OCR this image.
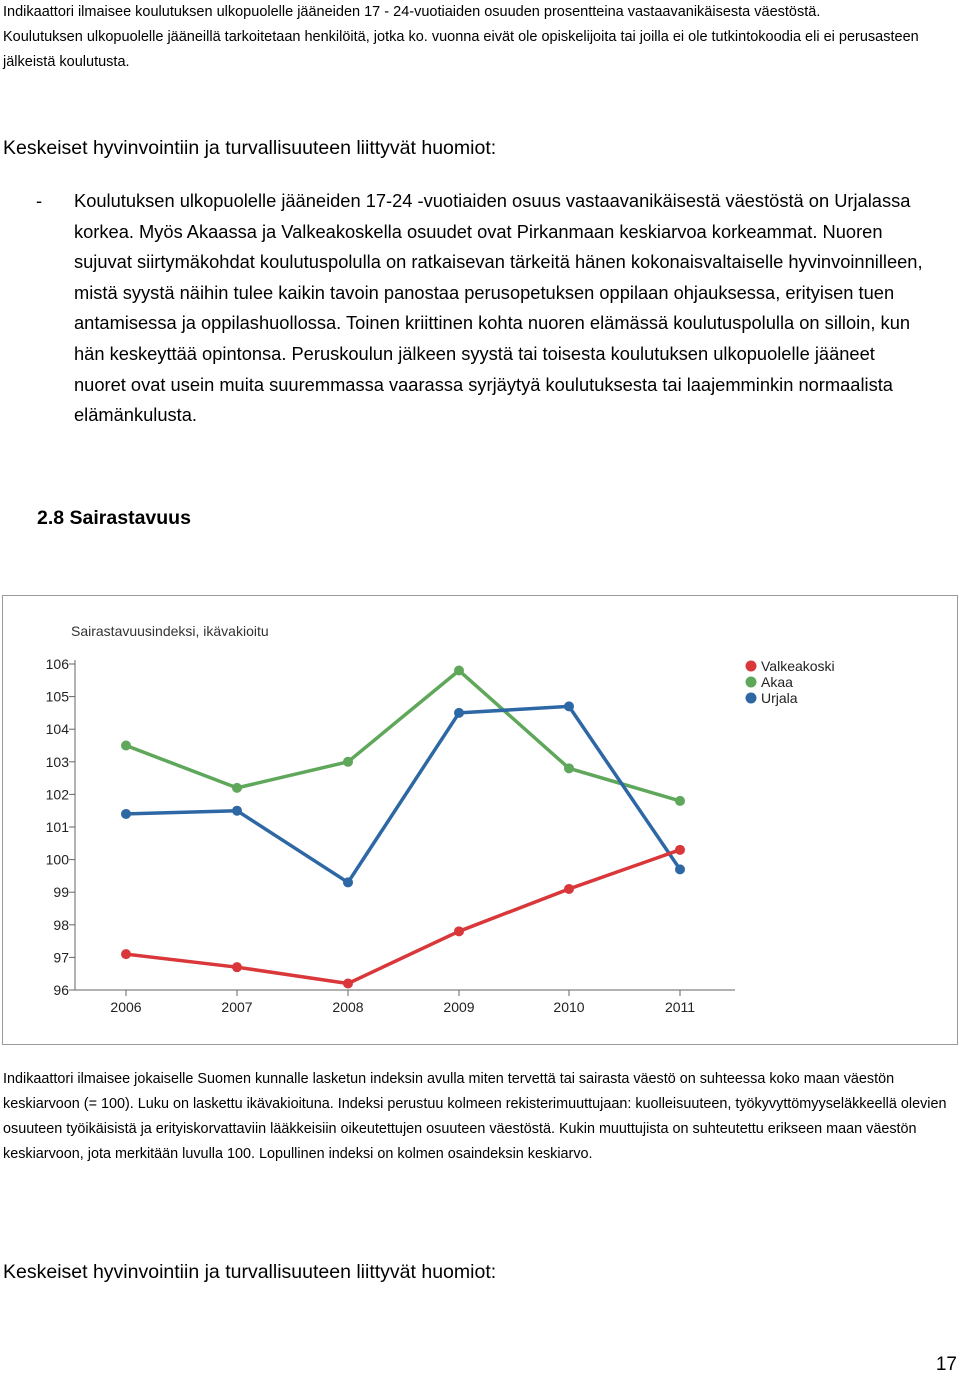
Indikaattori ilmaisee koulutuksen ulkopuolelle jääneiden 17 - 24-vuotiaiden osuuden prosentteina vastaavanikäisesta väestöstä.

Koulutuksen ulkopuolelle jääneillä tarkoitetaan henkilöitä, jotka ko. vuonna eivät ole opiskelijoita tai joilla ei ole tutkintokoodia eli ei perusasteen jälkeistä koulutusta.

Keskeiset hyvinvointiin ja turvallisuuteen liittyvät huomiot:
- Koulutuksen ulkopuolelle jääneiden 17-24 -vuotiaiden osuus vastaavanikäisestä väestöstä on Urjalassa korkea. Myös Akaassa ja Valkeakoskella osuudet ovat Pirkanmaan keskiarvoa korkeammat. Nuoren sujuvat siirtymäkohdat koulutuspolulla on ratkaisevan tärkeitä hänen kokonaisvaltaiselle hyvinvoinnilleen, mistä syystä näihin tulee kaikin tavoin panostaa perusopetuksen oppilaan ohjauksessa, erityisen tuen antamisessa ja oppilashuollossa. Toinen kriittinen kohta nuoren elämässä koulutuspolulla on silloin, kun hän keskeyttää opintonsa. Peruskoulun jälkeen syystä tai toisesta koulutuksen ulkopuolelle jääneet nuoret ovat usein muita suuremmassa vaarassa syrjäytyä koulutuksesta tai laajemminkin normaalista elämänkulusta.
2.8 Sairastavuus
Sairastavuusindeksi, ikävakioitu
96
97
98
99
100
101
102
103
104
105
106
2006	2007	2008	2009	2010	2011
Valkeakoski
Akaa
Urjala

Indikaattori ilmaisee jokaiselle Suomen kunnalle lasketun indeksin avulla miten tervettä tai sairasta väestö on suhteessa koko maan väestön keskiarvoon (= 100). Luku on laskettu ikävakioituna. Indeksi perustuu kolmeen rekisterimuuttujaan: kuolleisuuteen, työkyvyttömyyseläkkeellä olevien osuuteen työikäisistä ja erityiskorvattaviin lääkkeisiin oikeutettujen osuuteen väestöstä. Kukin muuttujista on suhteutettu erikseen maan väestön keskiarvoon, jota merkitään luvulla 100. Lopullinen indeksi on kolmen osaindeksin keskiarvo.

Keskeiset hyvinvointiin ja turvallisuuteen liittyvät huomiot:
17
